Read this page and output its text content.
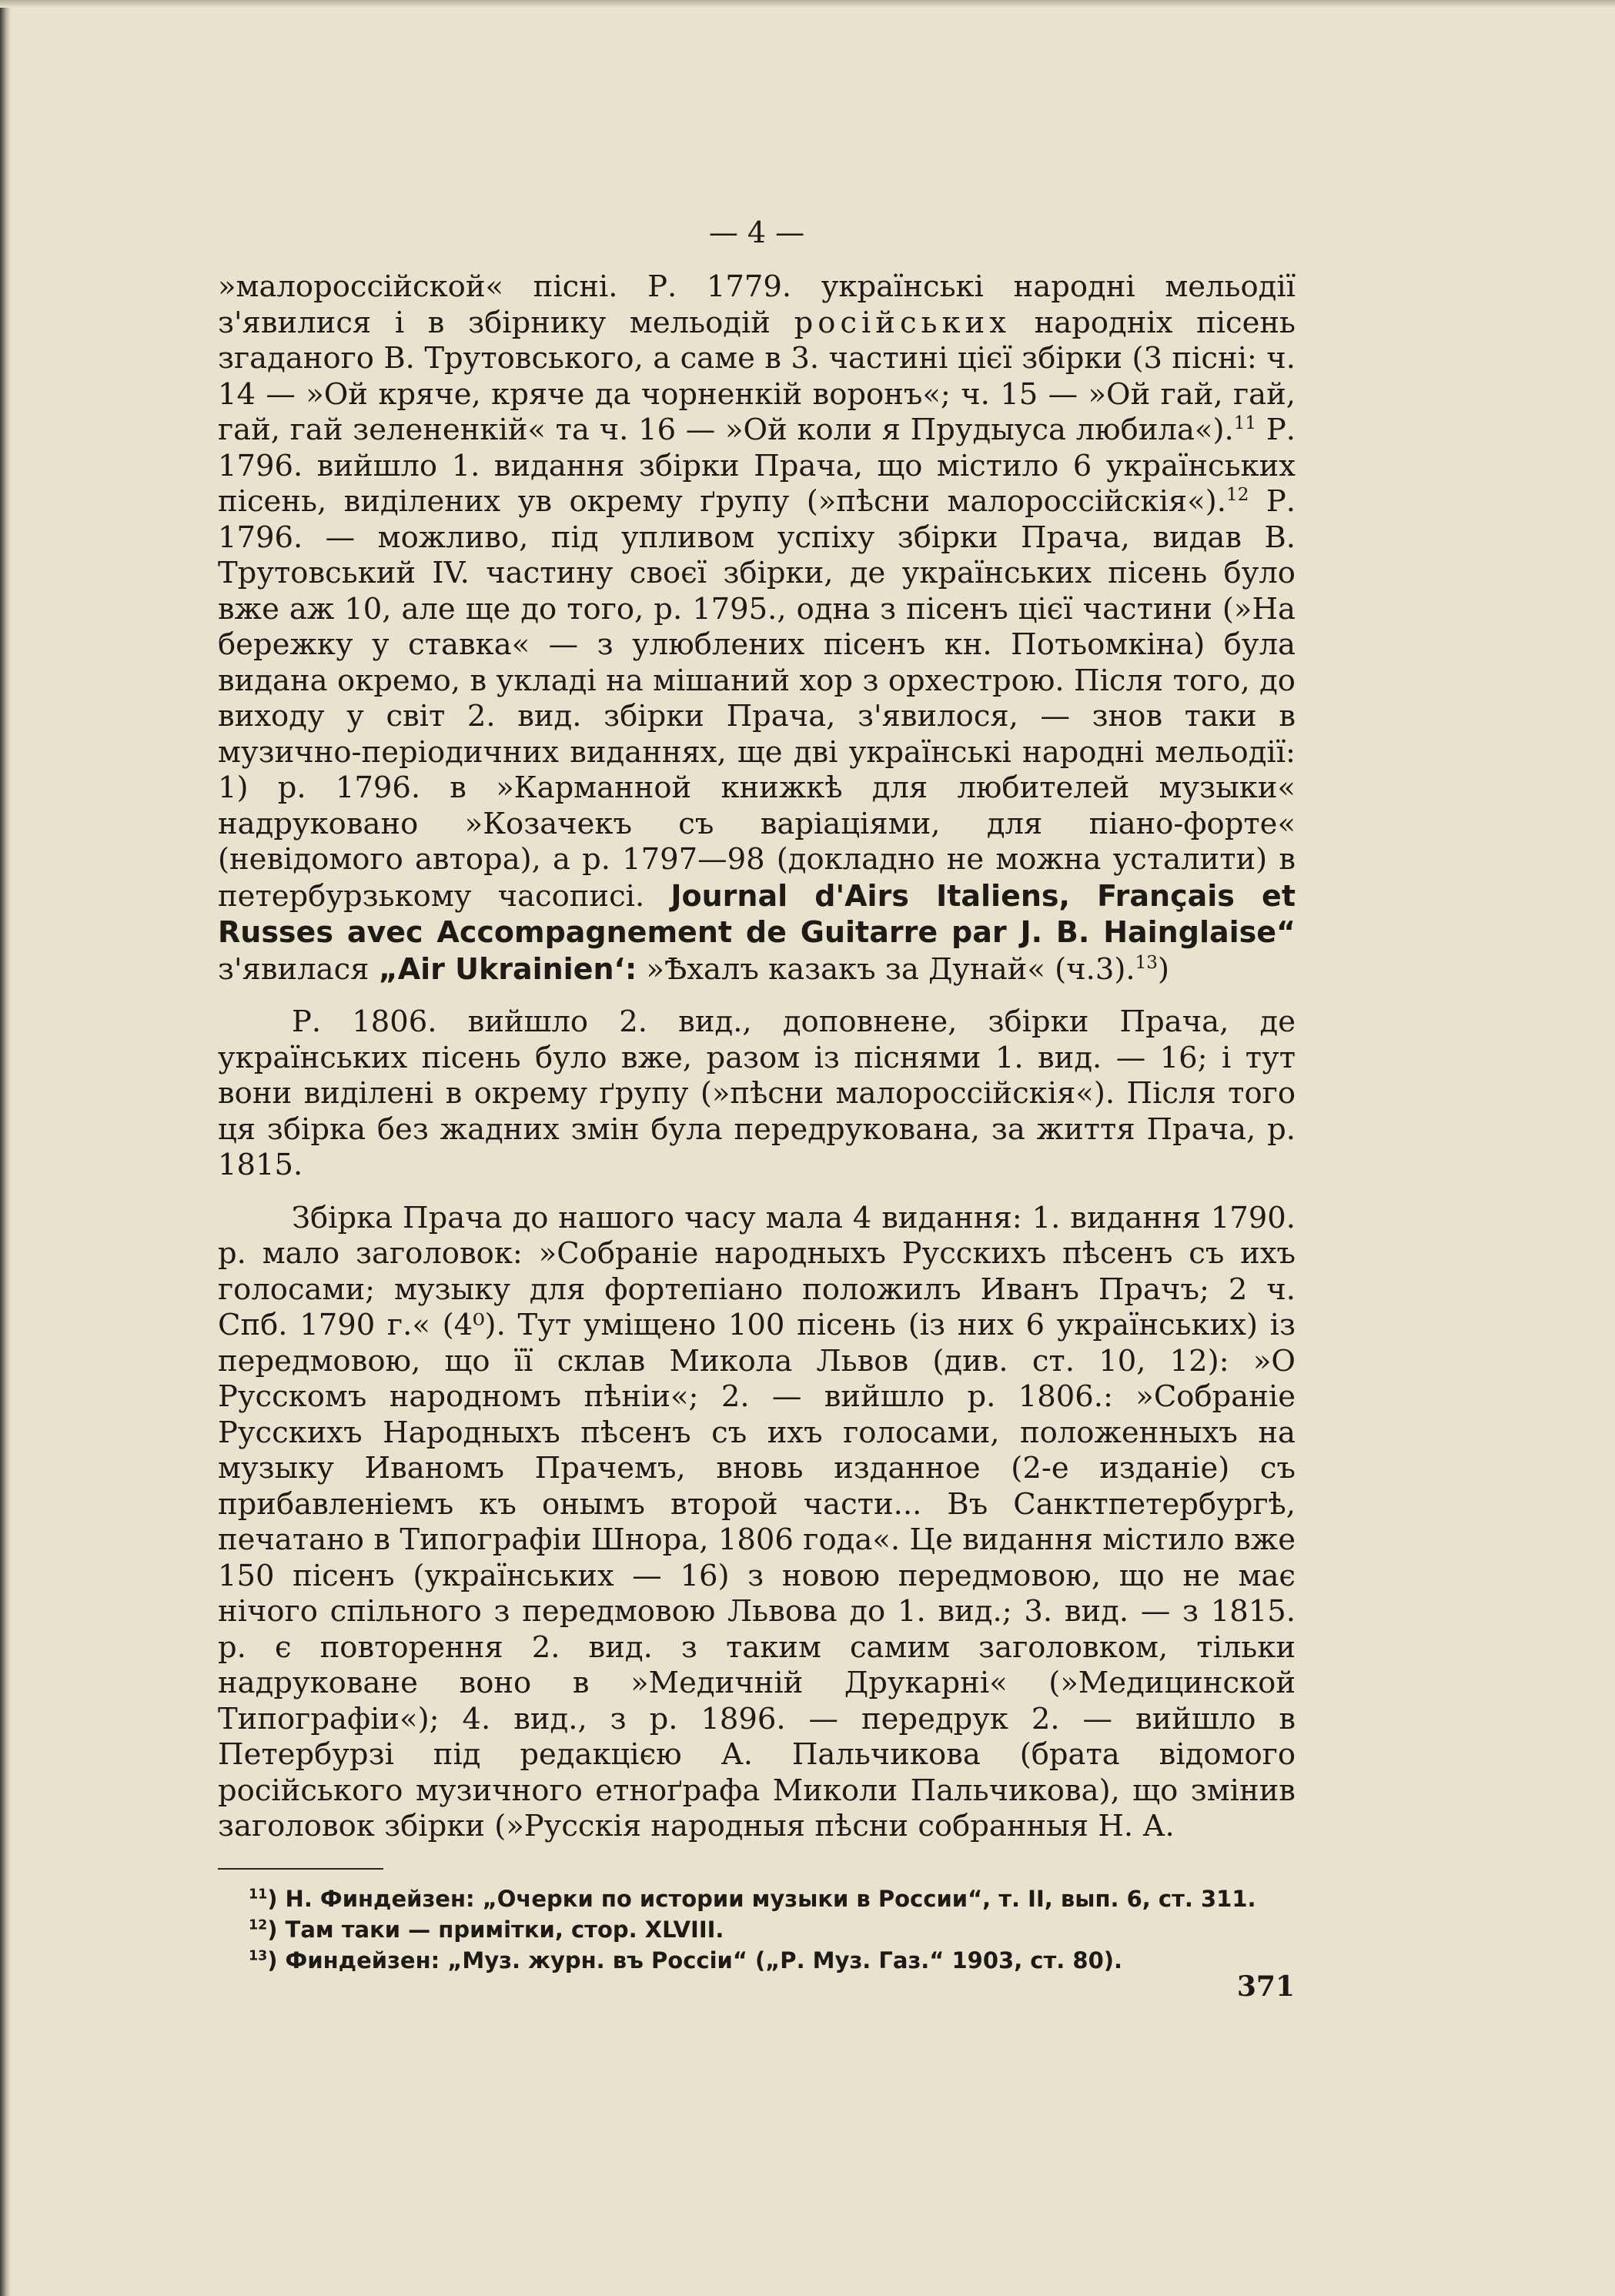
— 4 —

»малороссійской« пісні. Р. 1779. українські народні мельодії з'явилися і в збірнику мельодій російських народніх пісень згаданого В. Трутовського, а саме в 3. частині цієї збірки (3 пісні: ч. 14 — »Ой кряче, кряче да чорненкій воронъ«; ч. 15 — »Ой гай, гай, гай, гай зелененкій« та ч. 16 — »Ой коли я Прудыуса любила«).$^{11}$ Р. 1796. вийшло 1. видання збірки Прача, що містило 6 українських пісень, виділених ув окрему ґрупу (»пѣсни малороссійскія«).$^{12}$ Р. 1796. — можливо, під упливом успіху збірки Прача, видав В. Трутовський IV. частину своєї збірки, де українських пісень було вже аж 10, але ще до того, р. 1795., одна з пісенъ цієї частини (»На бережку у ставка« — з улюблених пісенъ кн. Потьомкіна) була видана окремо, в укладі на мішаний хор з орхестрою. Після того, до виходу у світ 2. вид. збірки Прача, з'явилося, — знов таки в музично-періодичних виданнях, ще дві українські народні мельодії: 1) р. 1796. в »Карманной книжкѣ для любителей музыки« надруковано »Козачекъ съ варіаціями, для піано-форте« (невідомого автора), а р. 1797—98 (докладно не можна усталити) в петербурзькому часописі. Journal d'Airs Italiens, Français et Russes avec Accompagnement de Guitarre par J. B. Hainglaise“ з'явилася „Air Ukrainien‘: »Ѣхалъ казакъ за Дунай« (ч.3).$^{13}$)

Р. 1806. вийшло 2. вид., доповнене, збірки Прача, де українських пісень було вже, разом із піснями 1. вид. — 16; і тут вони виділені в окрему ґрупу (»пѣсни малороссійскія«). Після того ця збірка без жадних змін була передрукована, за життя Прача, р. 1815.

Збірка Прача до нашого часу мала 4 видання: 1. видання 1790. р. мало заголовок: »Собраніе народныхъ Русскихъ пѣсенъ съ ихъ голосами; музыку для фортепіано положилъ Иванъ Прачъ; 2 ч. Спб. 1790 г.« (4⁰). Тут уміщено 100 пісень (із них 6 українських) із передмовою, що її склав Микола Львов (див. ст. 10, 12): »О Русскомъ народномъ пѣніи«; 2. — вийшло р. 1806.: »Собраніе Русскихъ Народныхъ пѣсенъ съ ихъ голосами, положенныхъ на музыку Иваномъ Прачемъ, вновь изданное (2-е изданіе) съ прибавленіемъ къ онымъ второй части... Въ Санктпетербургѣ, печатано в Типографіи Шнора, 1806 года«. Це видання містило вже 150 пісенъ (українських — 16) з новою передмовою, що не має нічого спільного з передмовою Львова до 1. вид.; 3. вид. — з 1815. р. є повторення 2. вид. з таким самим заголовком, тільки надруковане воно в »Медичній Друкарні« (»Медицинской Типографіи«); 4. вид., з р. 1896. — передрук 2. — вийшло в Петербурзі під редакцією А. Пальчикова (брата відомого російського музичного етноґрафа Миколи Пальчикова), що змінив заголовок збірки (»Русскія народныя пѣсни собранныя Н. А.

$^{11}$) Н. Финдейзен: „Очерки по истории музыки в России“, т. II, вып. 6, ст. 311.

$^{12}$) Там таки — примітки, стор. XLVIII.

$^{13}$) Финдейзен: „Муз. журн. въ Россіи“ („Р. Муз. Газ.“ 1903, ст. 80).

371
